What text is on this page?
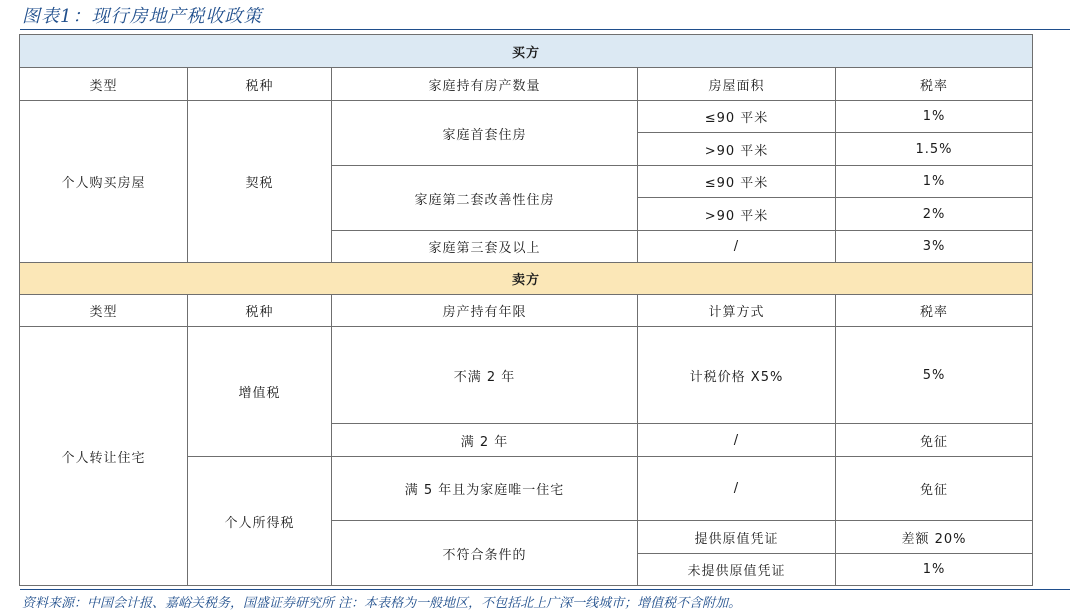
图表1：现行房地产税收政策
买方				
类型	税种	家庭持有房产数量	房屋面积	税率
个人购买房屋	契税	家庭首套住房	≤90 平米	1%
			>90 平米	1.5%
		家庭第二套改善性住房	≤90 平米	1%
			>90 平米	2%
		家庭第三套及以上	/	3%
卖方				
类型	税种	房产持有年限	计算方式	税率
个人转让住宅	增值税	不满 2 年	计税价格 X5%	5%
		满 2 年	/	免征
	个人所得税	满 5 年且为家庭唯一住宅	/	免征
		不符合条件的	提供原值凭证	差额 20%
			未提供原值凭证	1%
资料来源：中国会计报、嘉峪关税务，国盛证券研究所 注：本表格为一般地区，不包括北上广深一线城市；增值税不含附加。
